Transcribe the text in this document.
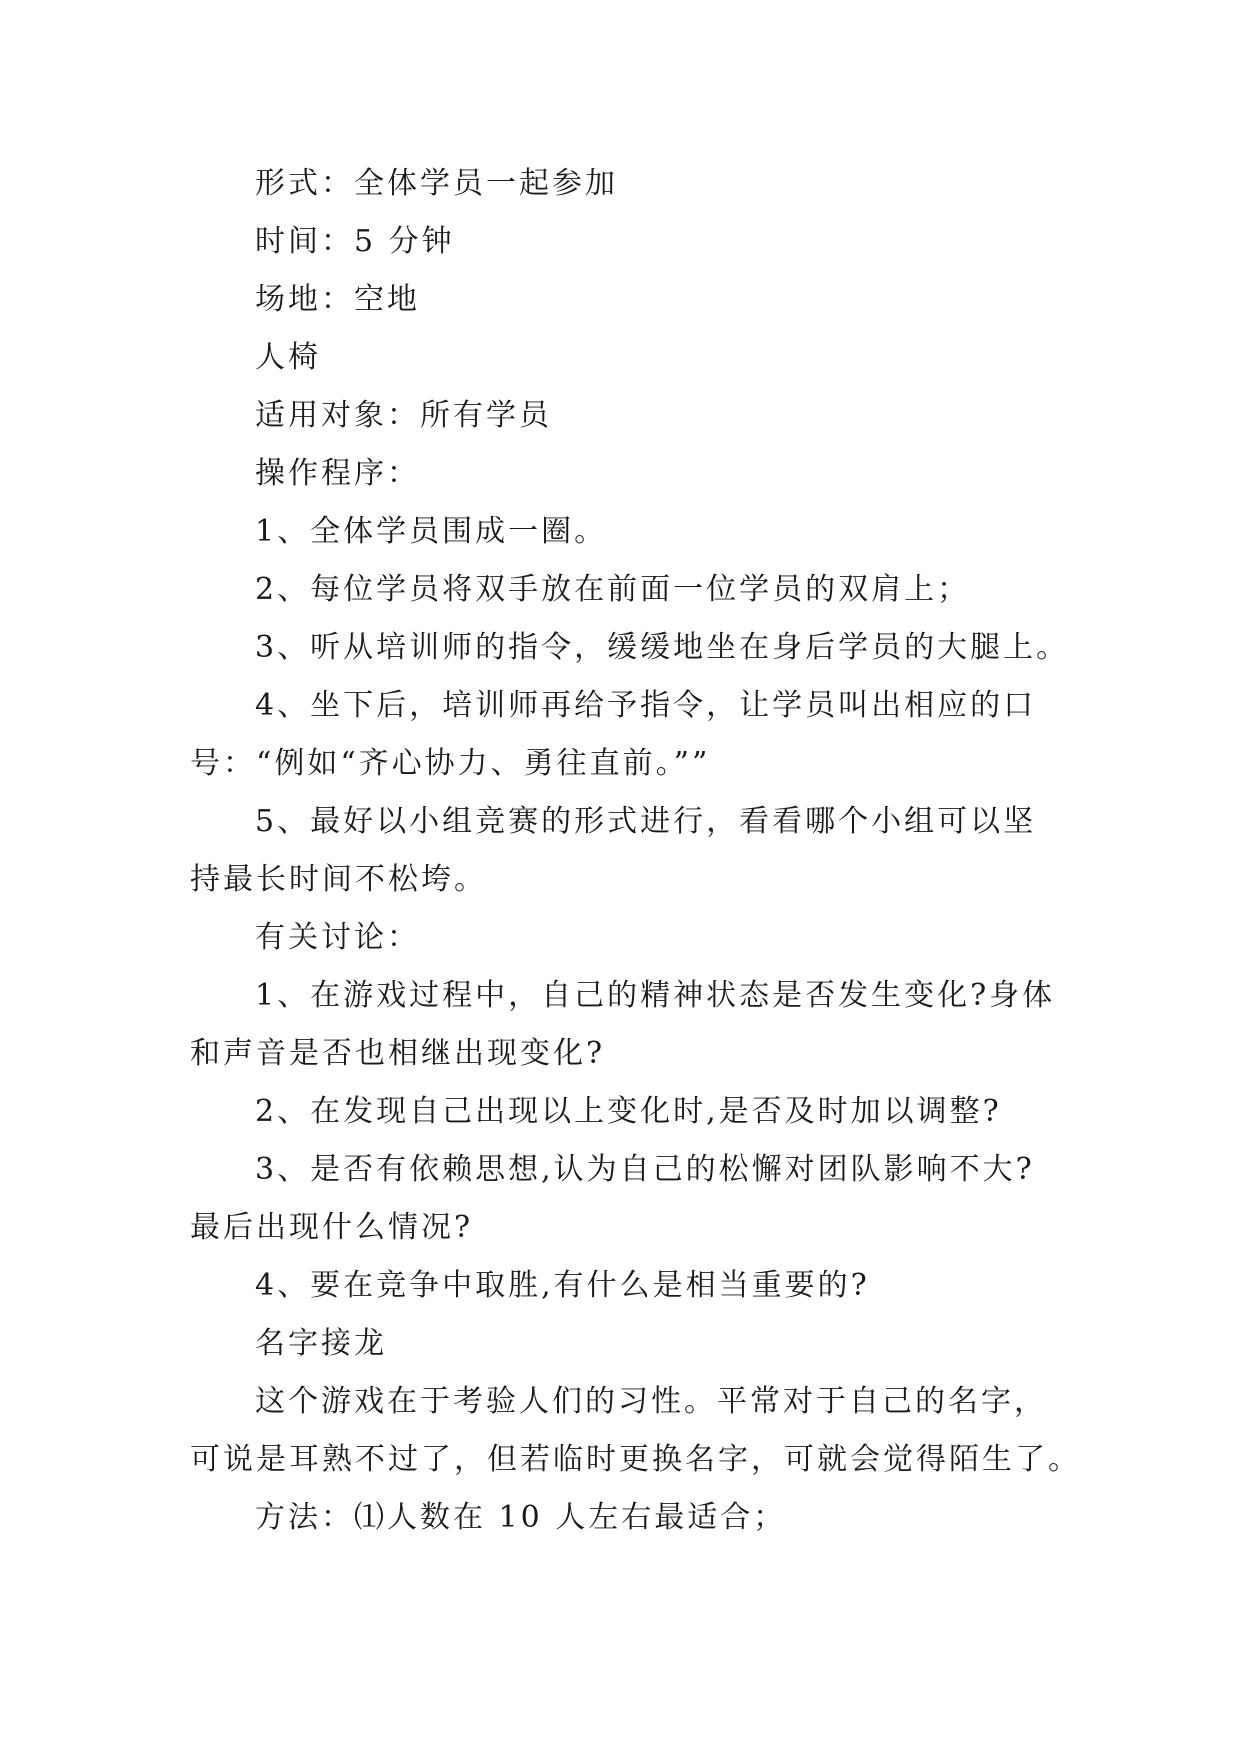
形式：全体学员一起参加
时间：5 分钟
场地：空地
人椅
适用对象：所有学员
操作程序：
1、全体学员围成一圈。
2、每位学员将双手放在前面一位学员的双肩上；
3、听从培训师的指令，缓缓地坐在身后学员的大腿上。
4、坐下后，培训师再给予指令，让学员叫出相应的口
号：“例如“齐心协力、勇往直前。””
5、最好以小组竞赛的形式进行，看看哪个小组可以坚
持最长时间不松垮。
有关讨论：
1、在游戏过程中，自己的精神状态是否发生变化?身体
和声音是否也相继出现变化?
2、在发现自己出现以上变化时,是否及时加以调整?
3、是否有依赖思想,认为自己的松懈对团队影响不大?
最后出现什么情况?
4、要在竞争中取胜,有什么是相当重要的?
名字接龙
这个游戏在于考验人们的习性。平常对于自己的名字，
可说是耳熟不过了，但若临时更换名字，可就会觉得陌生了。
方法：⑴人数在 10 人左右最适合；
